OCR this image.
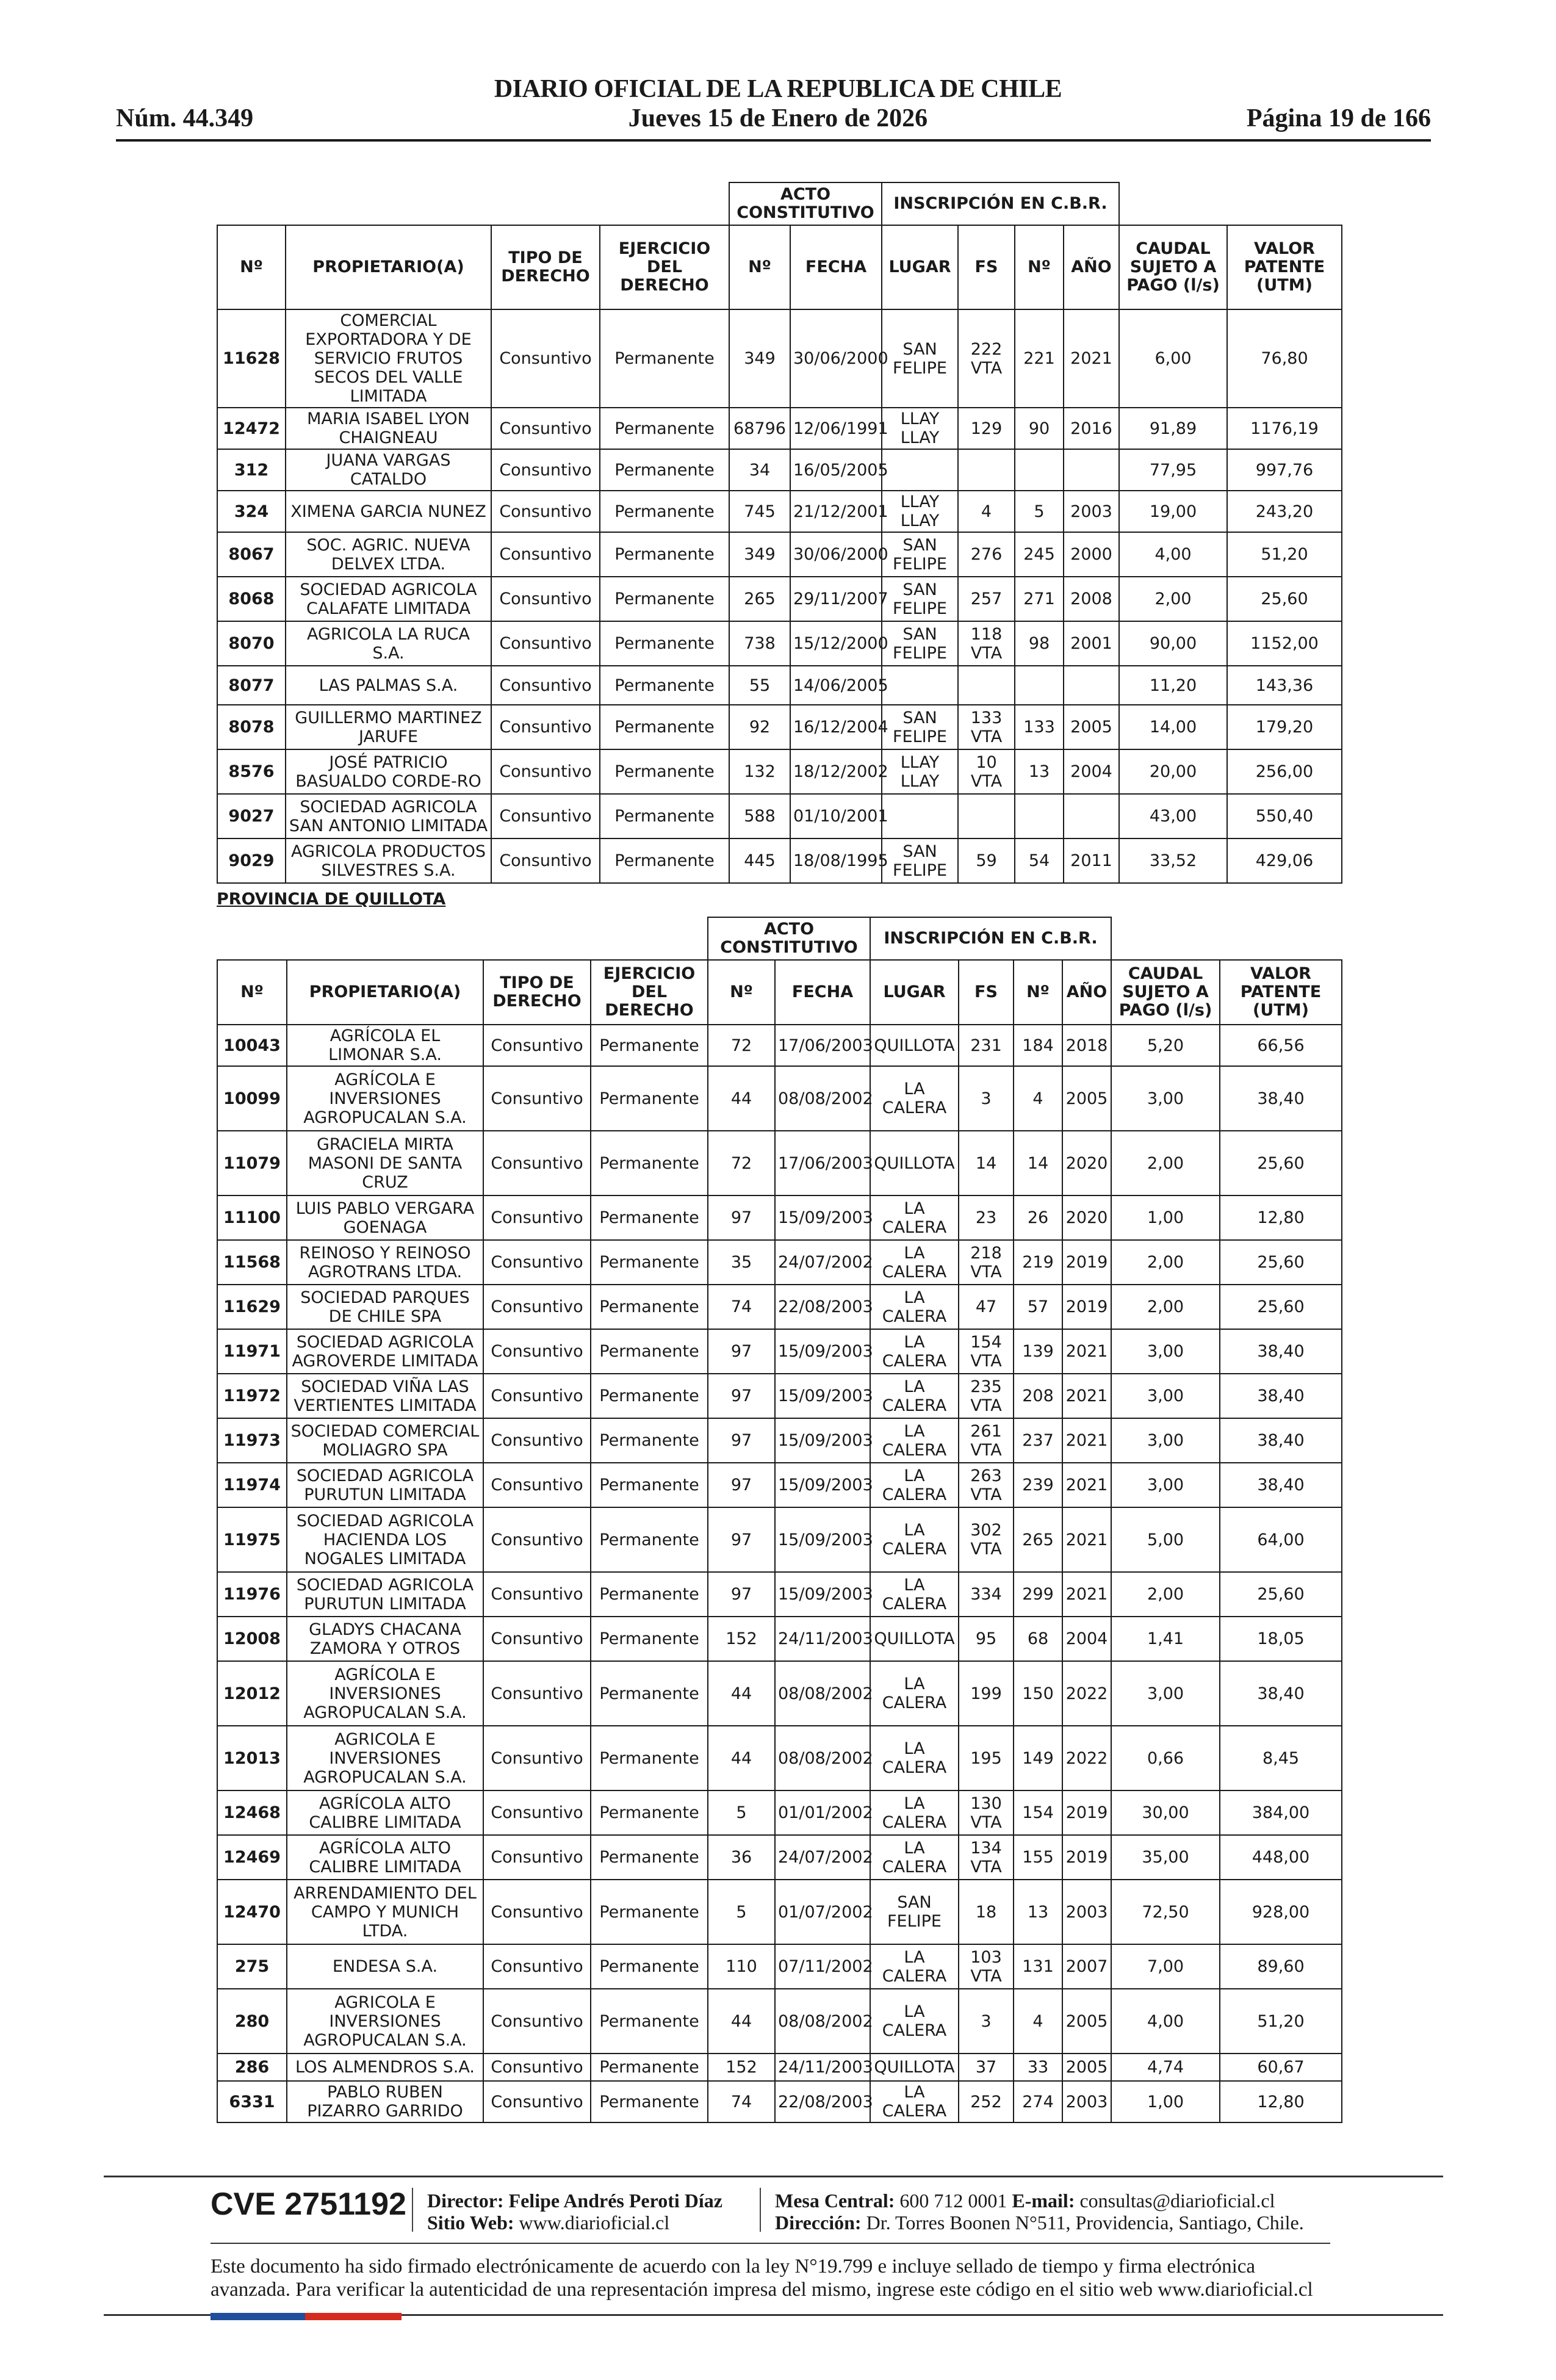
Núm. 44.349
DIARIO OFICIAL DE LA REPUBLICA DE CHILE
Jueves 15 de Enero de 2026	Página 19 de 166
				ACTO CONSTITUTIVO		INSCRIPCIÓN EN C.B.R.					
Nº	PROPIETARIO(A)	TIPO DE DERECHO	EJERCICIO DEL DERECHO	Nº	FECHA	LUGAR	FS	Nº	AÑO	CAUDAL SUJETO A PAGO (l/s)	VALOR PATENTE (UTM)
11628	COMERCIAL EXPORTADORA Y DE SERVICIO FRUTOS SECOS DEL VALLE LIMITADA	Consuntivo	Permanente	349	30/06/2000	SAN FELIPE	222 VTA	221	2021	6,00	76,80
12472	MARIA ISABEL LYON CHAIGNEAU	Consuntivo	Permanente	68796	12/06/1991	LLAY LLAY	129	90	2016	91,89	1176,19
312	JUANA VARGAS CATALDO	Consuntivo	Permanente	34	16/05/2005					77,95	997,76
324	XIMENA GARCIA NUNEZ	Consuntivo	Permanente	745	21/12/2001	LLAY LLAY	4	5	2003	19,00	243,20
8067	SOC. AGRIC. NUEVA DELVEX LTDA.	Consuntivo	Permanente	349	30/06/2000	SAN FELIPE	276	245	2000	4,00	51,20
8068	SOCIEDAD AGRICOLA CALAFATE LIMITADA	Consuntivo	Permanente	265	29/11/2007	SAN FELIPE	257	271	2008	2,00	25,60
8070	AGRICOLA LA RUCA S.A.	Consuntivo	Permanente	738	15/12/2000	SAN FELIPE	118 VTA	98	2001	90,00	1152,00
8077	LAS PALMAS S.A.	Consuntivo	Permanente	55	14/06/2005					11,20	143,36
8078	GUILLERMO MARTINEZ JARUFE	Consuntivo	Permanente	92	16/12/2004	SAN FELIPE	133 VTA	133	2005	14,00	179,20
8576	JOSÉ PATRICIO BASUALDO CORDE-RO	Consuntivo	Permanente	132	18/12/2002	LLAY LLAY	10 VTA	13	2004	20,00	256,00
9027	SOCIEDAD AGRICOLA SAN ANTONIO LIMITADA	Consuntivo	Permanente	588	01/10/2001					43,00	550,40
9029	AGRICOLA PRODUCTOS SILVESTRES S.A.	Consuntivo	Permanente	445	18/08/1995	SAN FELIPE	59	54	2011	33,52	429,06
PROVINCIA DE QUILLOTA
				ACTO CONSTITUTIVO		INSCRIPCIÓN EN C.B.R.					
Nº	PROPIETARIO(A)	TIPO DE DERECHO	EJERCICIO DEL DERECHO	Nº	FECHA	LUGAR	FS	Nº	AÑO	CAUDAL SUJETO A PAGO (l/s)	VALOR PATENTE (UTM)
10043	AGRÍCOLA EL LIMONAR S.A.	Consuntivo	Permanente	72	17/06/2003	QUILLOTA	231	184	2018	5,20	66,56
10099	AGRÍCOLA E INVERSIONES AGROPUCALAN S.A.	Consuntivo	Permanente	44	08/08/2002	LA CALERA	3	4	2005	3,00	38,40
11079	GRACIELA MIRTA MASONI DE SANTA CRUZ	Consuntivo	Permanente	72	17/06/2003	QUILLOTA	14	14	2020	2,00	25,60
11100	LUIS PABLO VERGARA GOENAGA	Consuntivo	Permanente	97	15/09/2003	LA CALERA	23	26	2020	1,00	12,80
11568	REINOSO Y REINOSO AGROTRANS LTDA.	Consuntivo	Permanente	35	24/07/2002	LA CALERA	218 VTA	219	2019	2,00	25,60
11629	SOCIEDAD PARQUES DE CHILE SPA	Consuntivo	Permanente	74	22/08/2003	LA CALERA	47	57	2019	2,00	25,60
11971	SOCIEDAD AGRICOLA AGROVERDE LIMITADA	Consuntivo	Permanente	97	15/09/2003	LA CALERA	154 VTA	139	2021	3,00	38,40
11972	SOCIEDAD VIÑA LAS VERTIENTES LIMITADA	Consuntivo	Permanente	97	15/09/2003	LA CALERA	235 VTA	208	2021	3,00	38,40
11973	SOCIEDAD COMERCIAL MOLIAGRO SPA	Consuntivo	Permanente	97	15/09/2003	LA CALERA	261 VTA	237	2021	3,00	38,40
11974	SOCIEDAD AGRICOLA PURUTUN LIMITADA	Consuntivo	Permanente	97	15/09/2003	LA CALERA	263 VTA	239	2021	3,00	38,40
11975	SOCIEDAD AGRICOLA HACIENDA LOS NOGALES LIMITADA	Consuntivo	Permanente	97	15/09/2003	LA CALERA	302 VTA	265	2021	5,00	64,00
11976	SOCIEDAD AGRICOLA PURUTUN LIMITADA	Consuntivo	Permanente	97	15/09/2003	LA CALERA	334	299	2021	2,00	25,60
12008	GLADYS CHACANA ZAMORA Y OTROS	Consuntivo	Permanente	152	24/11/2003	QUILLOTA	95	68	2004	1,41	18,05
12012	AGRÍCOLA E INVERSIONES AGROPUCALAN S.A.	Consuntivo	Permanente	44	08/08/2002	LA CALERA	199	150	2022	3,00	38,40
12013	AGRICOLA E INVERSIONES AGROPUCALAN S.A.	Consuntivo	Permanente	44	08/08/2002	LA CALERA	195	149	2022	0,66	8,45
12468	AGRÍCOLA ALTO CALIBRE LIMITADA	Consuntivo	Permanente	5	01/01/2002	LA CALERA	130 VTA	154	2019	30,00	384,00
12469	AGRÍCOLA ALTO CALIBRE LIMITADA	Consuntivo	Permanente	36	24/07/2002	LA CALERA	134 VTA	155	2019	35,00	448,00
12470	ARRENDAMIENTO DEL CAMPO Y MUNICH LTDA.	Consuntivo	Permanente	5	01/07/2002	SAN FELIPE	18	13	2003	72,50	928,00
275	ENDESA S.A.	Consuntivo	Permanente	110	07/11/2002	LA CALERA	103 VTA	131	2007	7,00	89,60
280	AGRICOLA E INVERSIONES AGROPUCALAN S.A.	Consuntivo	Permanente	44	08/08/2002	LA CALERA	3	4	2005	4,00	51,20
286	LOS ALMENDROS S.A.	Consuntivo	Permanente	152	24/11/2003	QUILLOTA	37	33	2005	4,74	60,67
6331	PABLO RUBEN PIZARRO GARRIDO	Consuntivo	Permanente	74	22/08/2003	LA CALERA	252	274	2003	1,00	12,80
CVE 2751192 Director: Felipe Andrés Peroti Díaz
Sitio Web: www.diarioficial.cl
Mesa Central: 600 712 0001 E-mail: consultas@diarioficial.cl
Dirección: Dr. Torres Boonen N°511, Providencia, Santiago, Chile.
Este documento ha sido firmado electrónicamente de acuerdo con la ley N°19.799 e incluye sellado de tiempo y firma electrónica avanzada. Para verificar la autenticidad de una representación impresa del mismo, ingrese este código en el sitio web www.diarioficial.cl
